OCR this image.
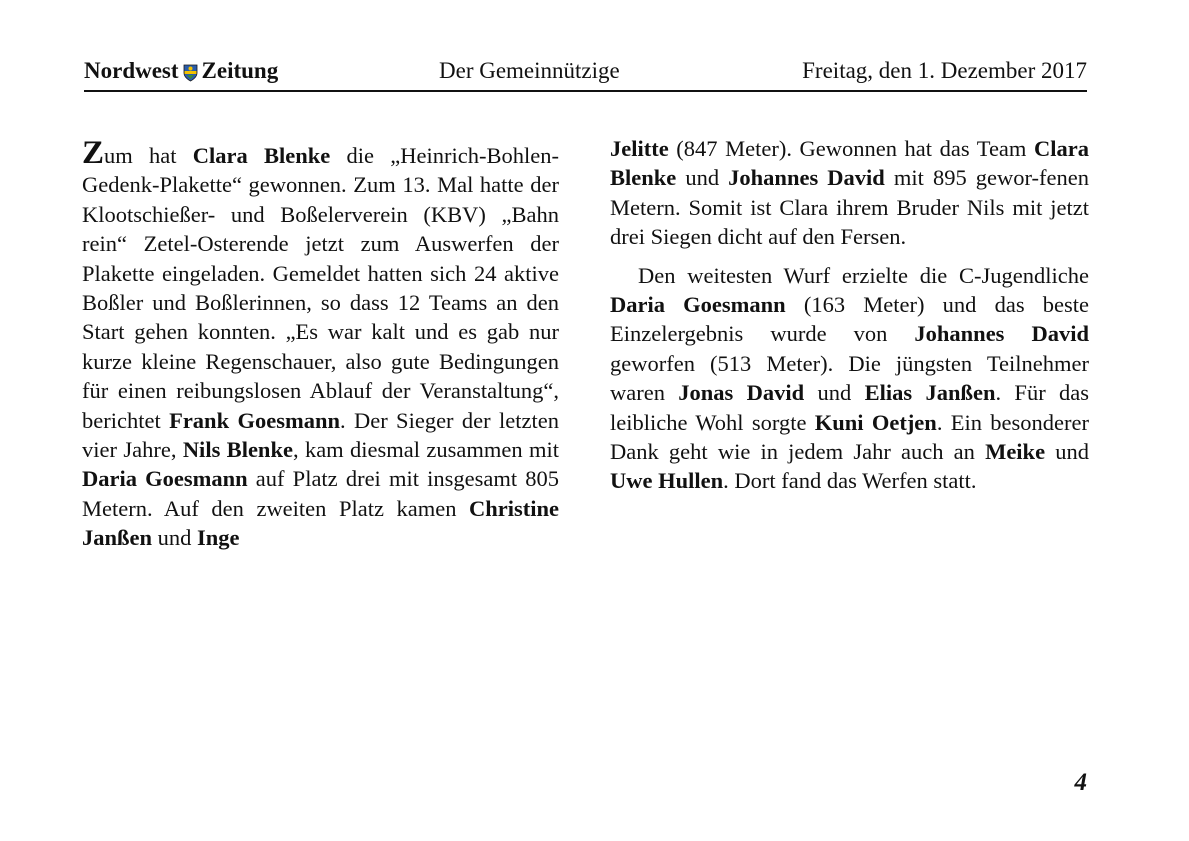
Nordwest Zeitung	Der Gemeinnützige	Freitag, den 1. Dezember 2017

Zum hat Clara Blenke die „Heinrich-Bohlen-Gedenk-Plakette“ gewonnen. Zum 13. Mal hatte der Klootschießer- und Boßelerverein (KBV) „Bahn rein“ Zetel-Osterende jetzt zum Auswerfen der Plakette eingeladen. Gemeldet hatten sich 24 aktive Boßler und Boßlerinnen, so dass 12 Teams an den Start gehen konnten. „Es war kalt und es gab nur kurze kleine Regenschauer, also gute Bedingungen für einen reibungslosen Ablauf der Veranstaltung“, berichtet Frank Goesmann. Der Sieger der letzten vier Jahre, Nils Blenke, kam diesmal zusammen mit Daria Goesmann auf Platz drei mit insgesamt 805 Metern. Auf den zweiten Platz kamen Christine Janßen und Inge

Jelitte (847 Meter). Gewonnen hat das Team Clara Blenke und Johannes David mit 895 gewor-fenen Metern. Somit ist Clara ihrem Bruder Nils mit jetzt drei Siegen dicht auf den Fersen.

Den weitesten Wurf erzielte die C-Jugendliche Daria Goesmann (163 Meter) und das beste Einzelergebnis wurde von Johannes David geworfen (513 Meter). Die jüngsten Teilnehmer waren Jonas David und Elias Janßen. Für das leibliche Wohl sorgte Kuni Oetjen. Ein besonderer Dank geht wie in jedem Jahr auch an Meike und Uwe Hullen. Dort fand das Werfen statt.

4
